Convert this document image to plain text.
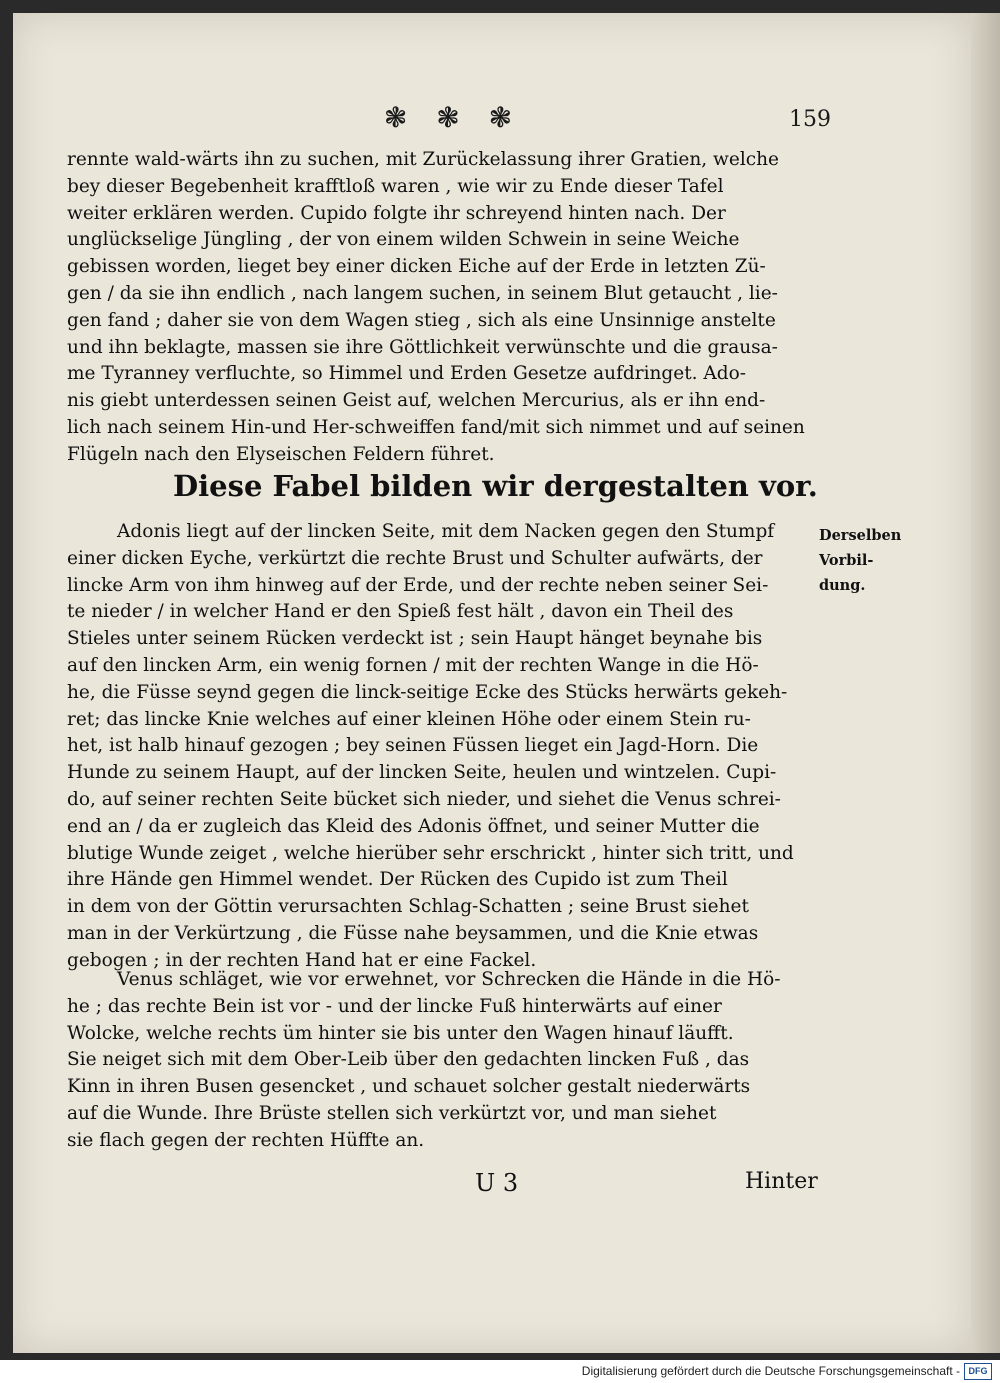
❃ ❃ ❃	159
rennte wald-wärts ihn zu suchen, mit Zurückelassung ihrer Gratien, welche
bey dieser Begebenheit krafftloß waren , wie wir zu Ende dieser Tafel
weiter erklären werden. Cupido folgte ihr schreyend hinten nach. Der
unglückselige Jüngling , der von einem wilden Schwein in seine Weiche
gebissen worden, lieget bey einer dicken Eiche auf der Erde in letzten Zü-
gen / da sie ihn endlich , nach langem suchen, in seinem Blut getaucht , lie-
gen fand ; daher sie von dem Wagen stieg , sich als eine Unsinnige anstelte
und ihn beklagte, massen sie ihre Göttlichkeit verwünschte und die grausa-
me Tyranney verfluchte, so Himmel und Erden Gesetze aufdringet. Ado-
nis giebt unterdessen seinen Geist auf, welchen Mercurius, als er ihn end-
lich nach seinem Hin-und Her-schweiffen fand/mit sich nimmet und auf seinen
Flügeln nach den Elyseischen Feldern führet.
Diese Fabel bilden wir dergestalten vor.
Adonis liegt auf der lincken Seite, mit dem Nacken gegen den Stumpf
einer dicken Eyche, verkürtzt die rechte Brust und Schulter aufwärts, der
lincke Arm von ihm hinweg auf der Erde, und der rechte neben seiner Sei-
te nieder / in welcher Hand er den Spieß fest hält , davon ein Theil des
Stieles unter seinem Rücken verdeckt ist ; sein Haupt hänget beynahe bis
auf den lincken Arm, ein wenig fornen / mit der rechten Wange in die Hö-
he, die Füsse seynd gegen die linck-seitige Ecke des Stücks herwärts gekeh-
ret; das lincke Knie welches auf einer kleinen Höhe oder einem Stein ru-
het, ist halb hinauf gezogen ; bey seinen Füssen lieget ein Jagd-Horn. Die
Hunde zu seinem Haupt, auf der lincken Seite, heulen und wintzelen. Cupi-
do, auf seiner rechten Seite bücket sich nieder, und siehet die Venus schrei-
end an / da er zugleich das Kleid des Adonis öffnet, und seiner Mutter die
blutige Wunde zeiget , welche hierüber sehr erschrickt , hinter sich tritt, und
ihre Hände gen Himmel wendet. Der Rücken des Cupido ist zum Theil
in dem von der Göttin verursachten Schlag-Schatten ; seine Brust siehet
man in der Verkürtzung , die Füsse nahe beysammen, und die Knie etwas
gebogen ; in der rechten Hand hat er eine Fackel.
Derselben
Vorbil-
dung.
Venus schläget, wie vor erwehnet, vor Schrecken die Hände in die Hö-
he ; das rechte Bein ist vor - und der lincke Fuß hinterwärts auf einer
Wolcke, welche rechts üm hinter sie bis unter den Wagen hinauf läufft.
Sie neiget sich mit dem Ober-Leib über den gedachten lincken Fuß , das
Kinn in ihren Busen gesencket , und schauet solcher gestalt niederwärts
auf die Wunde. Ihre Brüste stellen sich verkürtzt vor, und man siehet
sie flach gegen der rechten Hüffte an.
U 3	Hinter
Digitalisierung gefördert durch die Deutsche Forschungsgemeinschaft - DFG
